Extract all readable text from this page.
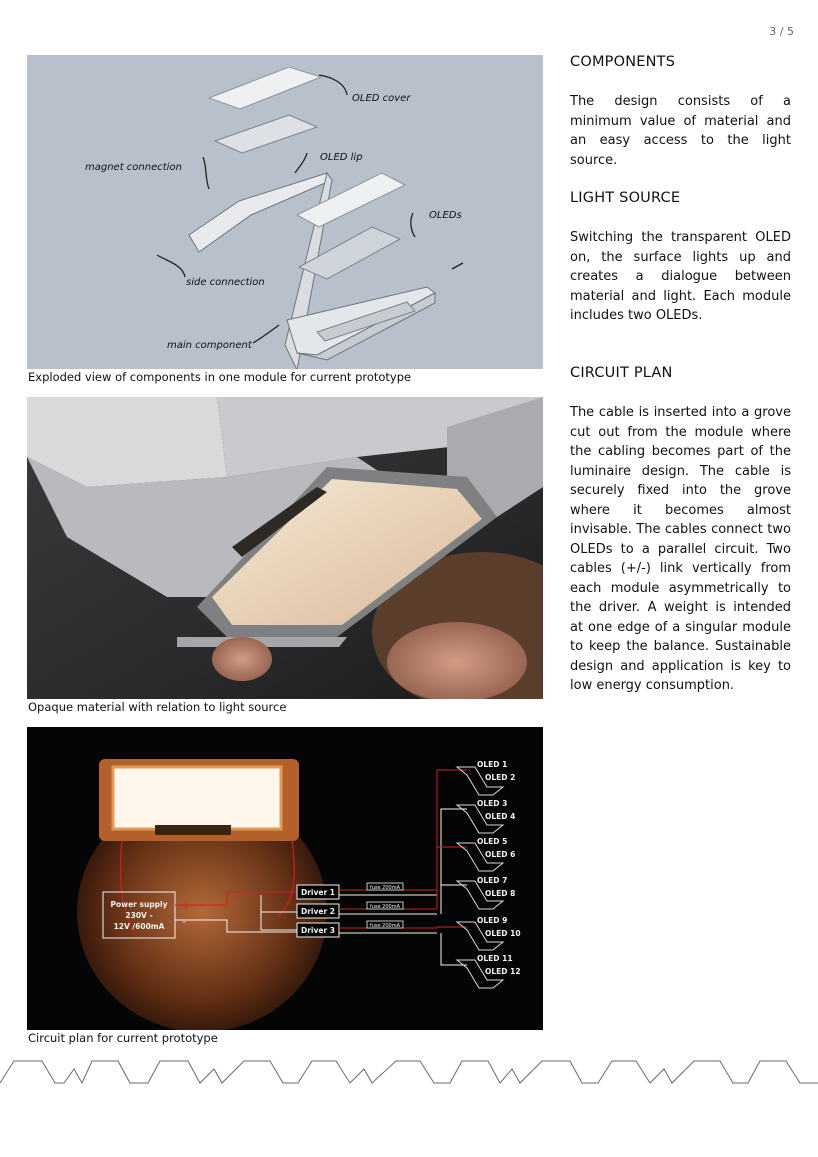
3 / 5
OLED cover
OLED lip
magnet connection
OLEDs
side connection
main component
Exploded view of components in one module for current prototype
Opaque material with relation to light source
Power supply
230V -
12V /600mA
+
–
Driver 1
Driver 2
Driver 3
fuse 200mA
fuse 200mA
fuse 200mA
OLED 1
OLED 2
OLED 3
OLED 4
OLED 5
OLED 6
OLED 7
OLED 8
OLED 9
OLED 10
OLED 11
OLED 12
Circuit plan for current prototype
COMPONENTS
The design consists of a minimum value of material and an easy access to the light source.
LIGHT SOURCE
Switching the transparent OLED on, the surface lights up and creates a dialogue between material and light. Each module includes two OLEDs.
CIRCUIT PLAN
The cable is inserted into a grove cut out from the module where the cabling becomes part of the luminaire design. The cable is securely fixed into the grove where it becomes almost invisable. The cables connect two OLEDs to a parallel circuit. Two cables (+/-) link vertically from each module asymmetrically to the driver. A weight is intended at one edge of a singular module to keep the balance. Sustainable design and application is key to low energy consumption.
